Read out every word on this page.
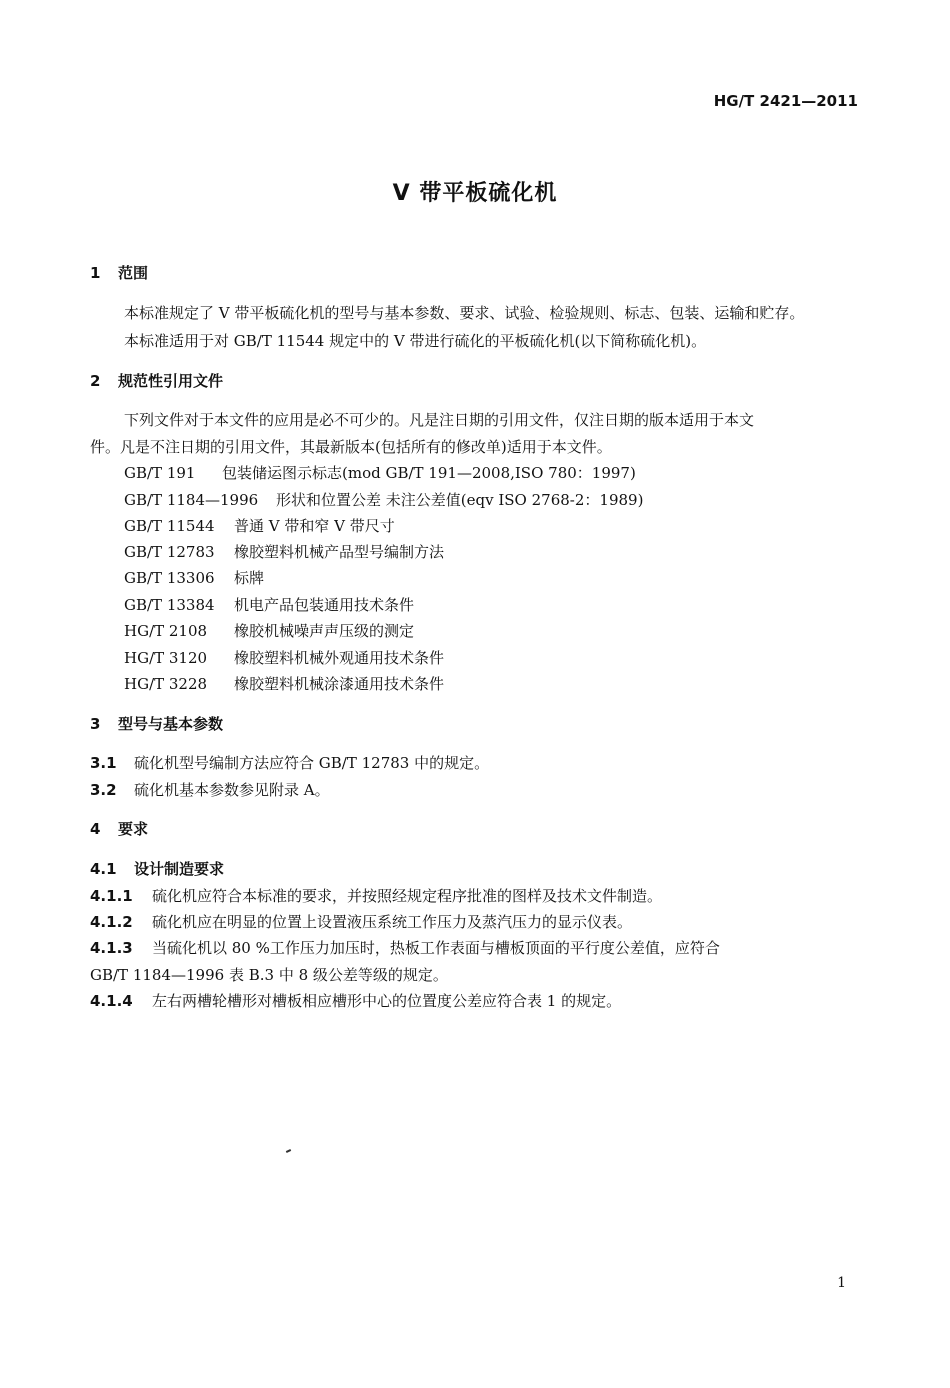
HG/T 2421—2011
V 带平板硫化机
1 范围
本标准规定了 V 带平板硫化机的型号与基本参数、要求、试验、检验规则、标志、包装、运输和贮存。
本标准适用于对 GB/T 11544 规定中的 V 带进行硫化的平板硫化机(以下简称硫化机)。
2 规范性引用文件
下列文件对于本文件的应用是必不可少的。凡是注日期的引用文件，仅注日期的版本适用于本文
件。凡是不注日期的引用文件，其最新版本(包括所有的修改单)适用于本文件。
GB/T 191 包装储运图示标志(mod GB/T 191—2008,ISO 780：1997)
GB/T 1184—1996 形状和位置公差 未注公差值(eqv ISO 2768-2：1989)
GB/T 11544 普通 V 带和窄 V 带尺寸
GB/T 12783 橡胶塑料机械产品型号编制方法
GB/T 13306 标牌
GB/T 13384 机电产品包装通用技术条件
HG/T 2108 橡胶机械噪声声压级的测定
HG/T 3120 橡胶塑料机械外观通用技术条件
HG/T 3228 橡胶塑料机械涂漆通用技术条件
3 型号与基本参数
3.1 硫化机型号编制方法应符合 GB/T 12783 中的规定。
3.2 硫化机基本参数参见附录 A。
4 要求
4.1 设计制造要求
4.1.1 硫化机应符合本标准的要求，并按照经规定程序批准的图样及技术文件制造。
4.1.2 硫化机应在明显的位置上设置液压系统工作压力及蒸汽压力的显示仪表。
4.1.3 当硫化机以 80 %工作压力加压时，热板工作表面与槽板顶面的平行度公差值，应符合
GB/T 1184—1996 表 B.3 中 8 级公差等级的规定。
4.1.4 左右两槽轮槽形对槽板相应槽形中心的位置度公差应符合表 1 的规定。
1
